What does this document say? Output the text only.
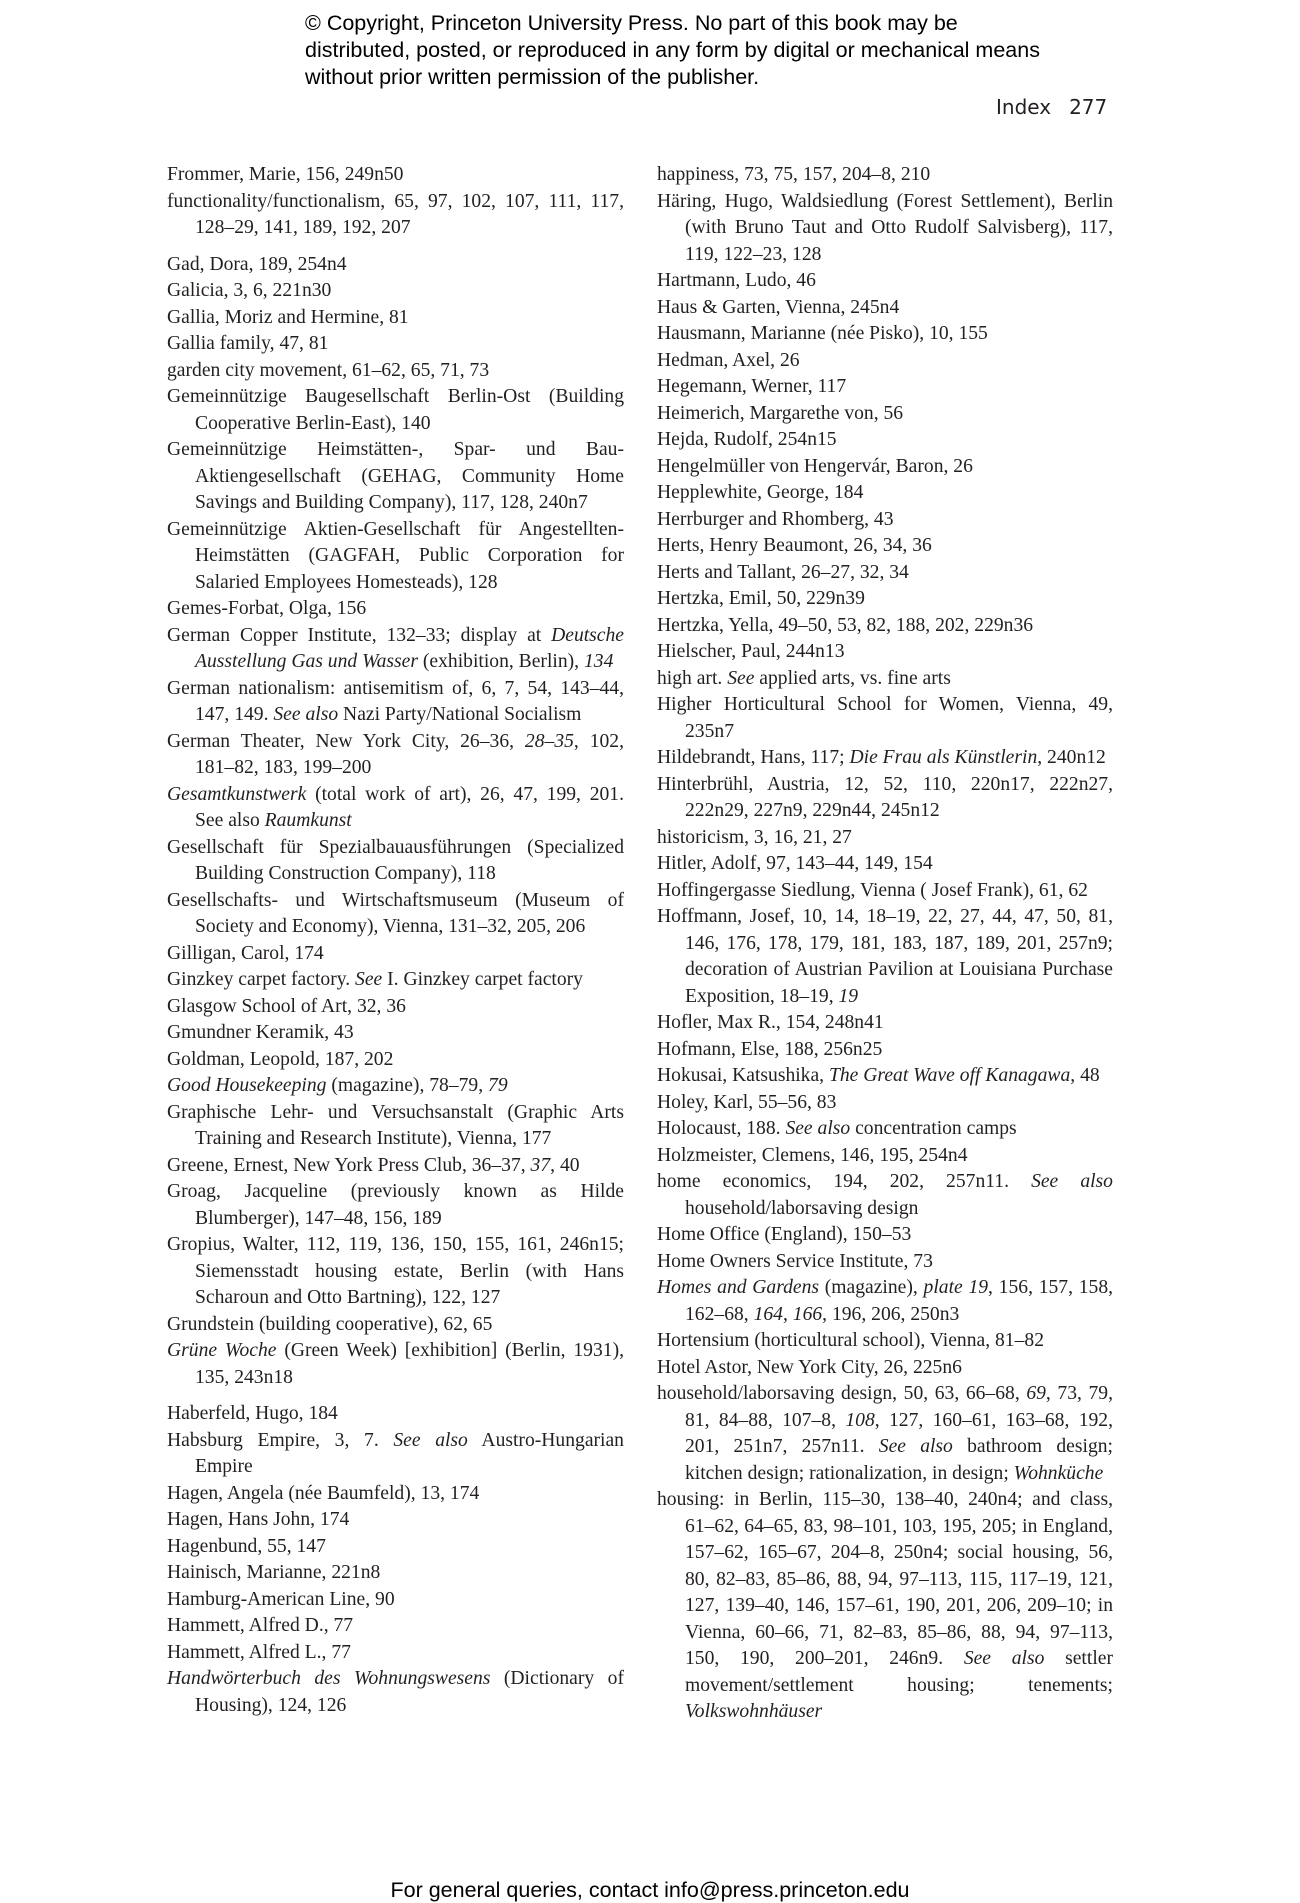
© Copyright, Princeton University Press. No part of this book may be distributed, posted, or reproduced in any form by digital or mechanical means without prior written permission of the publisher.

Index 277

Frommer, Marie, 156, 249n50

functionality/functionalism, 65, 97, 102, 107, 111, 117, 128–29, 141, 189, 192, 207

Gad, Dora, 189, 254n4

Galicia, 3, 6, 221n30

Gallia, Moriz and Hermine, 81

Gallia family, 47, 81

garden city movement, 61–62, 65, 71, 73

Gemeinnützige Baugesellschaft Berlin-Ost (Building Cooperative Berlin-East), 140

Gemeinnützige Heimstätten-, Spar- und Bau-Aktiengesellschaft (GEHAG, Community Home Savings and Building Company), 117, 128, 240n7

Gemeinnützige Aktien-Gesellschaft für Angestellten-Heimstätten (GAGFAH, Public Corporation for Salaried Employees Homesteads), 128

Gemes-Forbat, Olga, 156

German Copper Institute, 132–33; display at Deutsche Ausstellung Gas und Wasser (exhibition, Berlin), 134

German nationalism: antisemitism of, 6, 7, 54, 143–44, 147, 149. See also Nazi Party/National Socialism

German Theater, New York City, 26–36, 28–35, 102, 181–82, 183, 199–200

Gesamtkunstwerk (total work of art), 26, 47, 199, 201. See also Raumkunst

Gesellschaft für Spezialbauausführungen (Specialized Building Construction Company), 118

Gesellschafts- und Wirtschaftsmuseum (Museum of Society and Economy), Vienna, 131–32, 205, 206

Gilligan, Carol, 174

Ginzkey carpet factory. See I. Ginzkey carpet factory

Glasgow School of Art, 32, 36

Gmundner Keramik, 43

Goldman, Leopold, 187, 202

Good Housekeeping (magazine), 78–79, 79

Graphische Lehr- und Versuchsanstalt (Graphic Arts Training and Research Institute), Vienna, 177

Greene, Ernest, New York Press Club, 36–37, 37, 40

Groag, Jacqueline (previously known as Hilde Blumberger), 147–48, 156, 189

Gropius, Walter, 112, 119, 136, 150, 155, 161, 246n15; Siemensstadt housing estate, Berlin (with Hans Scharoun and Otto Bartning), 122, 127

Grundstein (building cooperative), 62, 65

Grüne Woche (Green Week) [exhibition] (Berlin, 1931), 135, 243n18

Haberfeld, Hugo, 184

Habsburg Empire, 3, 7. See also Austro-Hungarian Empire

Hagen, Angela (née Baumfeld), 13, 174

Hagen, Hans John, 174

Hagenbund, 55, 147

Hainisch, Marianne, 221n8

Hamburg-American Line, 90

Hammett, Alfred D., 77

Hammett, Alfred L., 77

Handwörterbuch des Wohnungswesens (Dictionary of Housing), 124, 126

happiness, 73, 75, 157, 204–8, 210

Häring, Hugo, Waldsiedlung (Forest Settlement), Berlin (with Bruno Taut and Otto Rudolf Salvisberg), 117, 119, 122–23, 128

Hartmann, Ludo, 46

Haus & Garten, Vienna, 245n4

Hausmann, Marianne (née Pisko), 10, 155

Hedman, Axel, 26

Hegemann, Werner, 117

Heimerich, Margarethe von, 56

Hejda, Rudolf, 254n15

Hengelmüller von Hengervár, Baron, 26

Hepplewhite, George, 184

Herrburger and Rhomberg, 43

Herts, Henry Beaumont, 26, 34, 36

Herts and Tallant, 26–27, 32, 34

Hertzka, Emil, 50, 229n39

Hertzka, Yella, 49–50, 53, 82, 188, 202, 229n36

Hielscher, Paul, 244n13

high art. See applied arts, vs. fine arts

Higher Horticultural School for Women, Vienna, 49, 235n7

Hildebrandt, Hans, 117; Die Frau als Künstlerin, 240n12

Hinterbrühl, Austria, 12, 52, 110, 220n17, 222n27, 222n29, 227n9, 229n44, 245n12

historicism, 3, 16, 21, 27

Hitler, Adolf, 97, 143–44, 149, 154

Hoffingergasse Siedlung, Vienna ( Josef Frank), 61, 62

Hoffmann, Josef, 10, 14, 18–19, 22, 27, 44, 47, 50, 81, 146, 176, 178, 179, 181, 183, 187, 189, 201, 257n9; decoration of Austrian Pavilion at Louisiana Purchase Exposition, 18–19, 19

Hofler, Max R., 154, 248n41

Hofmann, Else, 188, 256n25

Hokusai, Katsushika, The Great Wave off Kanagawa, 48

Holey, Karl, 55–56, 83

Holocaust, 188. See also concentration camps

Holzmeister, Clemens, 146, 195, 254n4

home economics, 194, 202, 257n11. See also household/laborsaving design

Home Office (England), 150–53

Home Owners Service Institute, 73

Homes and Gardens (magazine), plate 19, 156, 157, 158, 162–68, 164, 166, 196, 206, 250n3

Hortensium (horticultural school), Vienna, 81–82

Hotel Astor, New York City, 26, 225n6

household/laborsaving design, 50, 63, 66–68, 69, 73, 79, 81, 84–88, 107–8, 108, 127, 160–61, 163–68, 192, 201, 251n7, 257n11. See also bathroom design; kitchen design; rationalization, in design; Wohnküche

housing: in Berlin, 115–30, 138–40, 240n4; and class, 61–62, 64–65, 83, 98–101, 103, 195, 205; in England, 157–62, 165–67, 204–8, 250n4; social housing, 56, 80, 82–83, 85–86, 88, 94, 97–113, 115, 117–19, 121, 127, 139–40, 146, 157–61, 190, 201, 206, 209–10; in Vienna, 60–66, 71, 82–83, 85–86, 88, 94, 97–113, 150, 190, 200–201, 246n9. See also settler movement/settlement housing; tenements; Volkswohnhäuser

For general queries, contact info@press.princeton.edu
